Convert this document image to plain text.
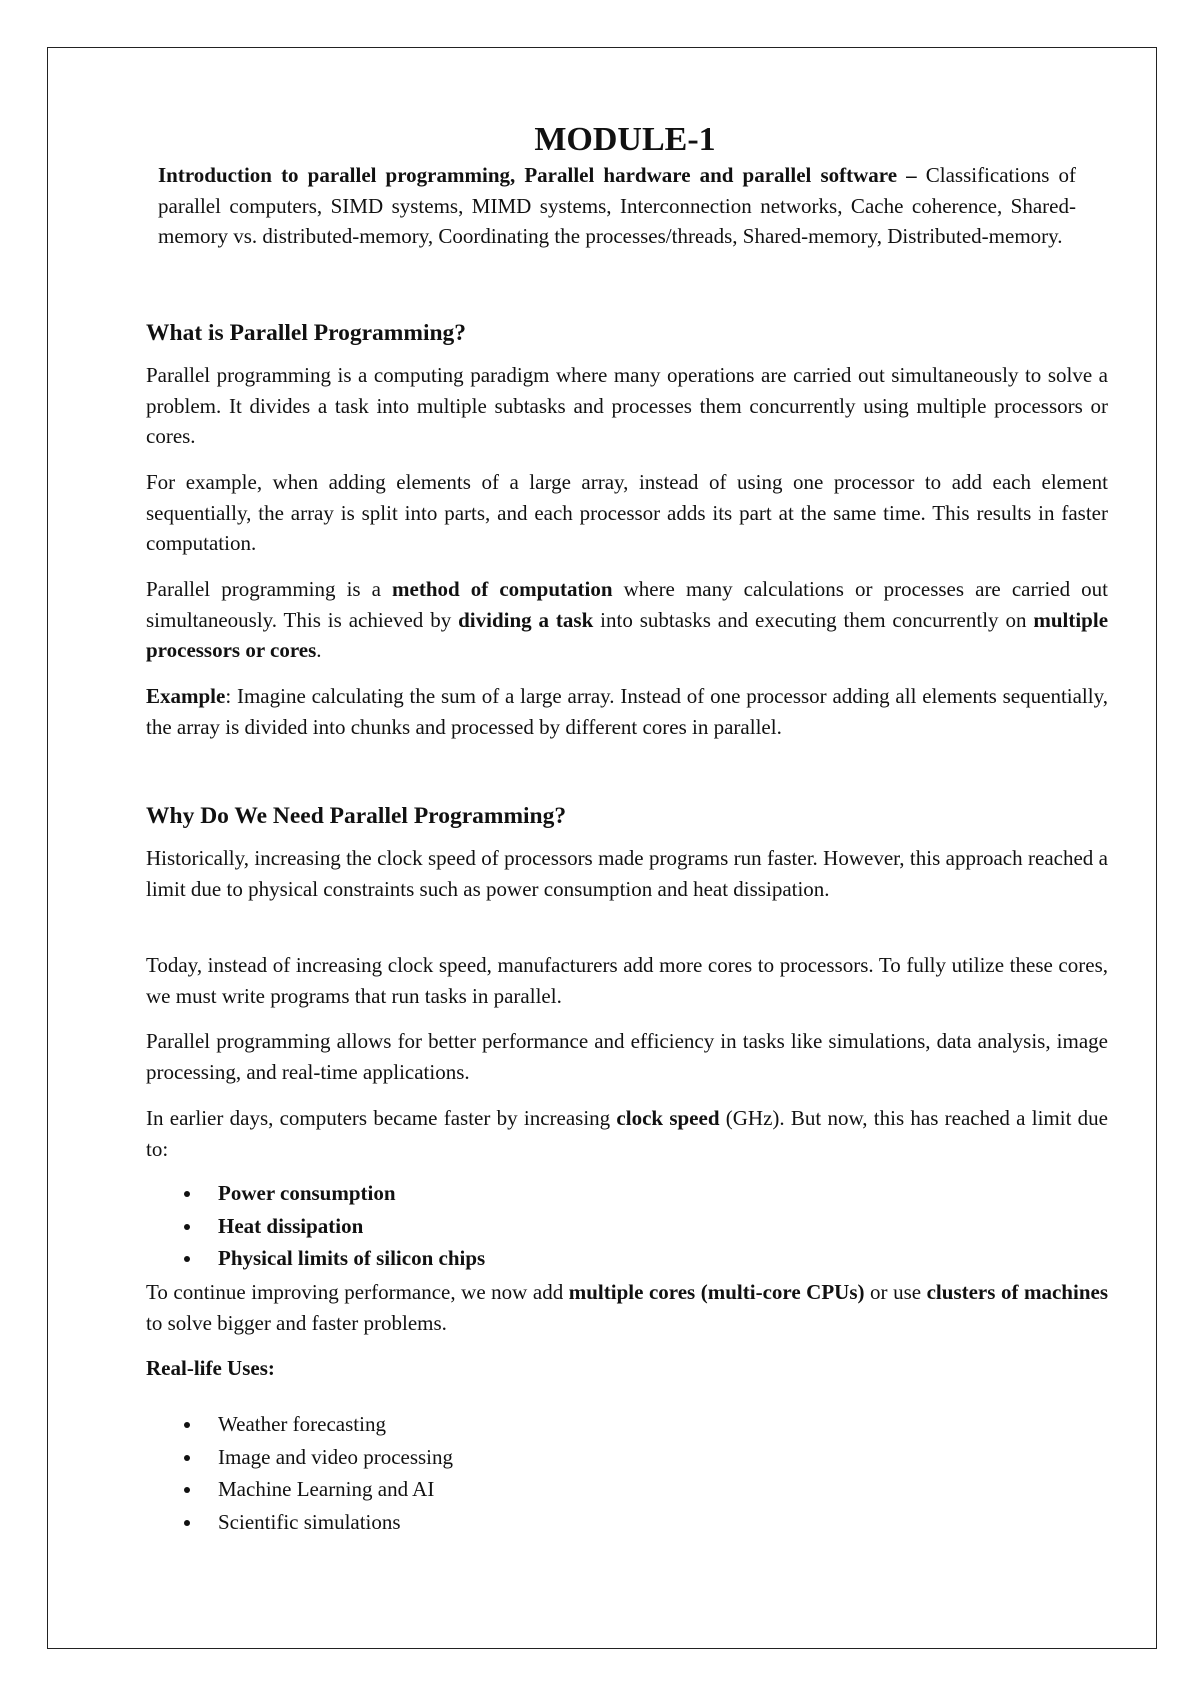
MODULE-1

Introduction to parallel programming, Parallel hardware and parallel software – Classifications of parallel computers, SIMD systems, MIMD systems, Interconnection networks, Cache coherence, Shared-memory vs. distributed-memory, Coordinating the processes/threads, Shared-memory, Distributed-memory.

What is Parallel Programming?

Parallel programming is a computing paradigm where many operations are carried out simultaneously to solve a problem. It divides a task into multiple subtasks and processes them concurrently using multiple processors or cores.

For example, when adding elements of a large array, instead of using one processor to add each element sequentially, the array is split into parts, and each processor adds its part at the same time. This results in faster computation.

Parallel programming is a method of computation where many calculations or processes are carried out simultaneously. This is achieved by dividing a task into subtasks and executing them concurrently on multiple processors or cores.

Example: Imagine calculating the sum of a large array. Instead of one processor adding all elements sequentially, the array is divided into chunks and processed by different cores in parallel.

Why Do We Need Parallel Programming?

Historically, increasing the clock speed of processors made programs run faster. However, this approach reached a limit due to physical constraints such as power consumption and heat dissipation.

Today, instead of increasing clock speed, manufacturers add more cores to processors. To fully utilize these cores, we must write programs that run tasks in parallel.

Parallel programming allows for better performance and efficiency in tasks like simulations, data analysis, image processing, and real-time applications.

In earlier days, computers became faster by increasing clock speed (GHz). But now, this has reached a limit due to:

Power consumption
Heat dissipation
Physical limits of silicon chips

To continue improving performance, we now add multiple cores (multi-core CPUs) or use clusters of machines to solve bigger and faster problems.

Real-life Uses:

Weather forecasting
Image and video processing
Machine Learning and AI
Scientific simulations
